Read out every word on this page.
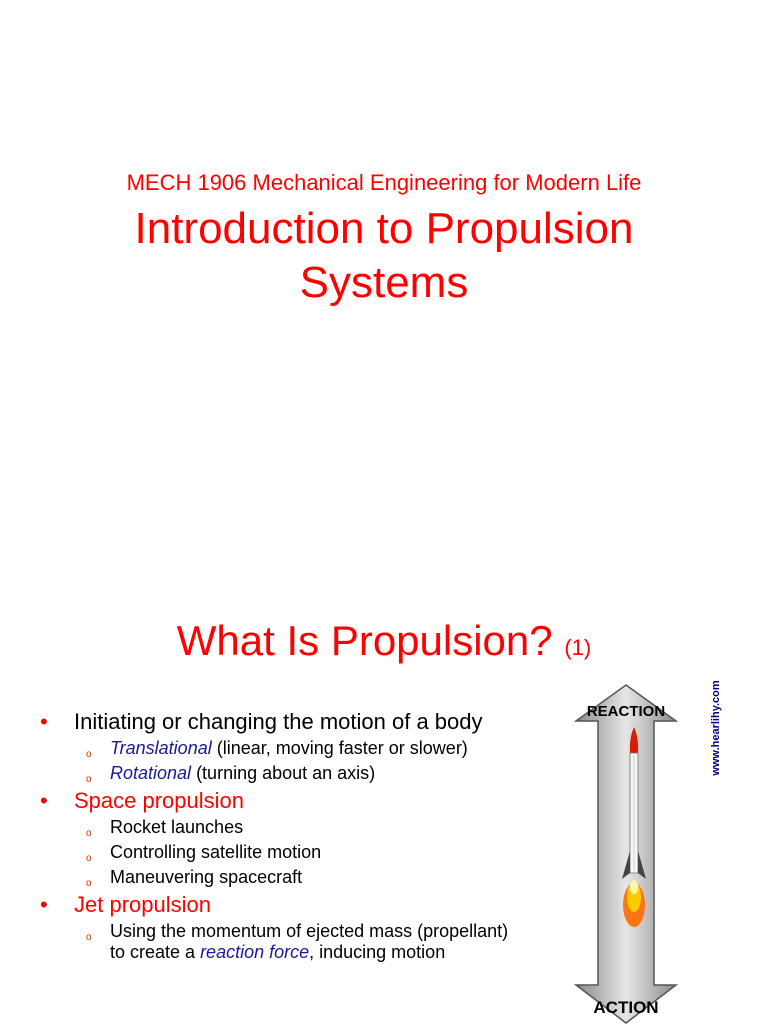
MECH 1906 Mechanical Engineering for Modern Life
Introduction to Propulsion
Systems
What Is Propulsion? (1)
• Initiating or changing the motion of a body
o Translational (linear, moving faster or slower)
o Rotational (turning about an axis)
• Space propulsion
o Rocket launches
o Controlling satellite motion
o Maneuvering spacecraft
• Jet propulsion
o Using the momentum of ejected mass (propellant) to create a reaction force, inducing motion
REACTION
ACTION
www.hearlihy.com
